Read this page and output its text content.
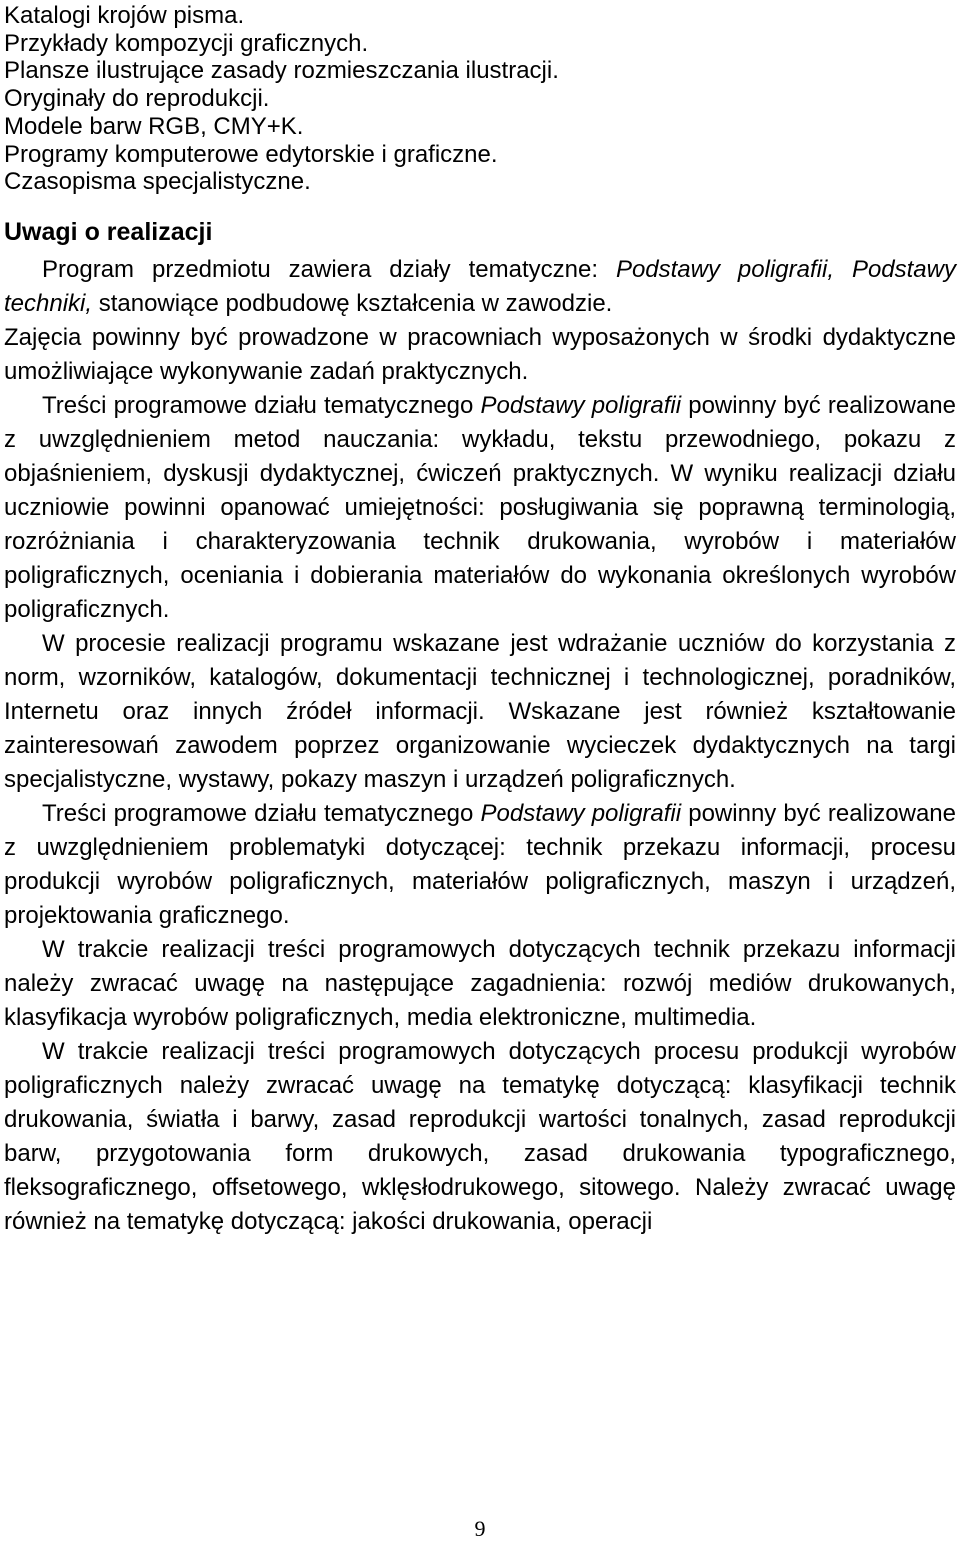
Katalogi krojów pisma.
Przykłady kompozycji graficznych.
Plansze ilustrujące zasady rozmieszczania ilustracji.
Oryginały do reprodukcji.
Modele barw RGB, CMY+K.
Programy komputerowe edytorskie i graficzne.
Czasopisma specjalistyczne.
Uwagi o realizacji

Program przedmiotu zawiera działy tematyczne: Podstawy poligrafii, Podstawy techniki, stanowiące podbudowę kształcenia w zawodzie.

Zajęcia powinny być prowadzone w pracowniach wyposażonych w środki dydaktyczne umożliwiające wykonywanie zadań praktycznych.

Treści programowe działu tematycznego Podstawy poligrafii powinny być realizowane z uwzględnieniem metod nauczania: wykładu, tekstu przewodniego, pokazu z objaśnieniem, dyskusji dydaktycznej, ćwiczeń praktycznych. W wyniku realizacji działu uczniowie powinni opanować umiejętności: posługiwania się poprawną terminologią, rozróżniania i charakteryzowania technik drukowania, wyrobów i materiałów poligraficznych, oceniania i dobierania materiałów do wykonania określonych wyrobów poligraficznych.

W procesie realizacji programu wskazane jest wdrażanie uczniów do korzystania z norm, wzorników, katalogów, dokumentacji technicznej i technologicznej, poradników, Internetu oraz innych źródeł informacji. Wskazane jest również kształtowanie zainteresowań zawodem poprzez organizowanie wycieczek dydaktycznych na targi specjalistyczne, wystawy, pokazy maszyn i urządzeń poligraficznych.

Treści programowe działu tematycznego Podstawy poligrafii powinny być realizowane z uwzględnieniem problematyki dotyczącej: technik przekazu informacji, procesu produkcji wyrobów poligraficznych, materiałów poligraficznych, maszyn i urządzeń, projektowania graficznego.

W trakcie realizacji treści programowych dotyczących technik przekazu informacji należy zwracać uwagę na następujące zagadnienia: rozwój mediów drukowanych, klasyfikacja wyrobów poligraficznych, media elektroniczne, multimedia.

W trakcie realizacji treści programowych dotyczących procesu produkcji wyrobów poligraficznych należy zwracać uwagę na tematykę dotyczącą: klasyfikacji technik drukowania, światła i barwy, zasad reprodukcji wartości tonalnych, zasad reprodukcji barw, przygotowania form drukowych, zasad drukowania typograficznego, fleksograficznego, offsetowego, wklęsłodrukowego, sitowego. Należy zwracać uwagę również na tematykę dotyczącą: jakości drukowania, operacji

9
